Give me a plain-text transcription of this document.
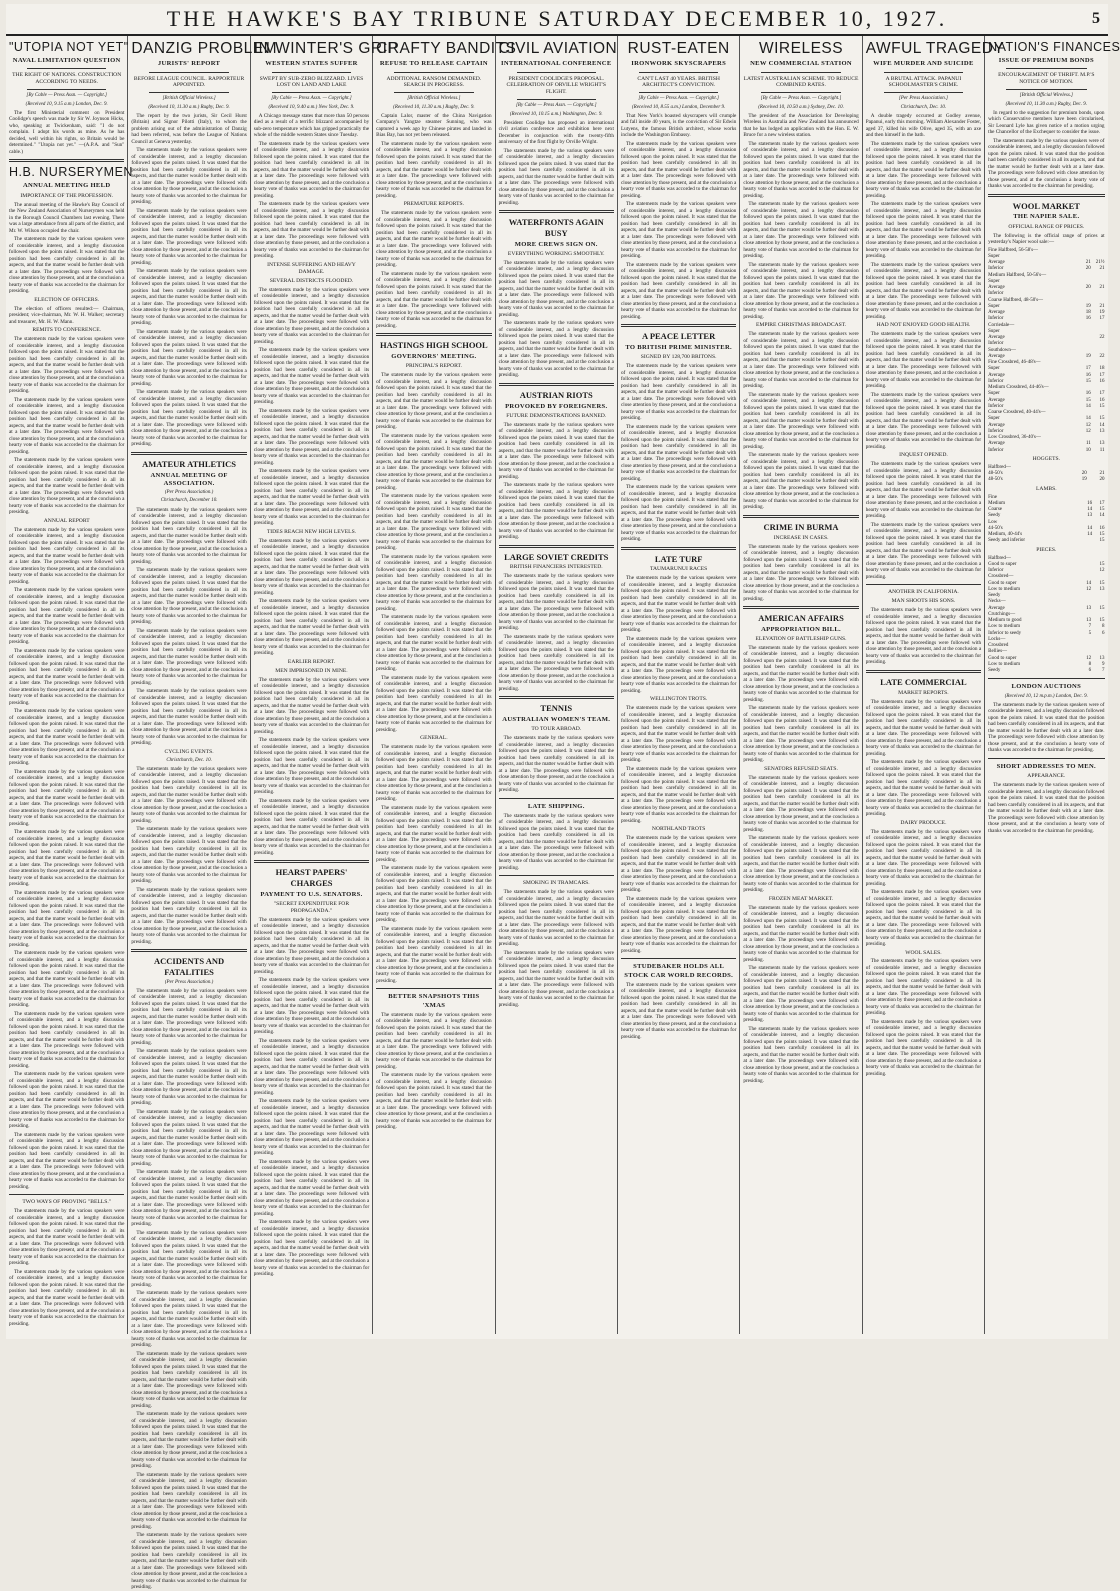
THE HAWKE'S BAY TRIBUNE SATURDAY DECEMBER 10, 1927.	5
"UTOPIA NOT YET"
NAVAL LIMITATION QUESTION
THE RIGHT OF NATIONS. CONSTRUCTION ACCORDING TO NEEDS.
[By Cable — Press Assn. — Copyright.]
(Received 10, 9.15 a.m.) London, Dec. 9.

The first Ministerial comment on President Coolidge's speech was made by Sir W. Joynson Hicks, who, speaking at Twickenham, said: "I do not complain. I adopt his words as mine. As he has decided, well within his rights, so Britain would be determined." "Utopia not yet." —(A.P.A. and "Sun" cable.)

H.B. NURSERYMEN
ANNUAL MEETING HELD
IMPORTANCE OF THE PROFESSION.

The annual meeting of the Hawke's Bay Council of the New Zealand Association of Nurserymen was held in the Borough Council Chambers last evening. There was a large attendance from all parts of the district, and Mr. W. Wilson occupied the chair.

The statements made by the various speakers were of considerable interest, and a lengthy discussion followed upon the points raised. It was stated that the position had been carefully considered in all its aspects, and that the matter would be further dealt with at a later date. The proceedings were followed with close attention by those present, and at the conclusion a hearty vote of thanks was accorded to the chairman for presiding.

ELECTION OF OFFICERS.

The election of officers resulted:— Chairman, president; vice-chairman, Mr. W. H. Walker; secretary and treasurer, Mr. H. W. Mann.

REMITS TO CONFERENCE.

The statements made by the various speakers were of considerable interest, and a lengthy discussion followed upon the points raised. It was stated that the position had been carefully considered in all its aspects, and that the matter would be further dealt with at a later date. The proceedings were followed with close attention by those present, and at the conclusion a hearty vote of thanks was accorded to the chairman for presiding.

The statements made by the various speakers were of considerable interest, and a lengthy discussion followed upon the points raised. It was stated that the position had been carefully considered in all its aspects, and that the matter would be further dealt with at a later date. The proceedings were followed with close attention by those present, and at the conclusion a hearty vote of thanks was accorded to the chairman for presiding.

The statements made by the various speakers were of considerable interest, and a lengthy discussion followed upon the points raised. It was stated that the position had been carefully considered in all its aspects, and that the matter would be further dealt with at a later date. The proceedings were followed with close attention by those present, and at the conclusion a hearty vote of thanks was accorded to the chairman for presiding.

ANNUAL REPORT

The statements made by the various speakers were of considerable interest, and a lengthy discussion followed upon the points raised. It was stated that the position had been carefully considered in all its aspects, and that the matter would be further dealt with at a later date. The proceedings were followed with close attention by those present, and at the conclusion a hearty vote of thanks was accorded to the chairman for presiding.

The statements made by the various speakers were of considerable interest, and a lengthy discussion followed upon the points raised. It was stated that the position had been carefully considered in all its aspects, and that the matter would be further dealt with at a later date. The proceedings were followed with close attention by those present, and at the conclusion a hearty vote of thanks was accorded to the chairman for presiding.

The statements made by the various speakers were of considerable interest, and a lengthy discussion followed upon the points raised. It was stated that the position had been carefully considered in all its aspects, and that the matter would be further dealt with at a later date. The proceedings were followed with close attention by those present, and at the conclusion a hearty vote of thanks was accorded to the chairman for presiding.

The statements made by the various speakers were of considerable interest, and a lengthy discussion followed upon the points raised. It was stated that the position had been carefully considered in all its aspects, and that the matter would be further dealt with at a later date. The proceedings were followed with close attention by those present, and at the conclusion a hearty vote of thanks was accorded to the chairman for presiding.

The statements made by the various speakers were of considerable interest, and a lengthy discussion followed upon the points raised. It was stated that the position had been carefully considered in all its aspects, and that the matter would be further dealt with at a later date. The proceedings were followed with close attention by those present, and at the conclusion a hearty vote of thanks was accorded to the chairman for presiding.

The statements made by the various speakers were of considerable interest, and a lengthy discussion followed upon the points raised. It was stated that the position had been carefully considered in all its aspects, and that the matter would be further dealt with at a later date. The proceedings were followed with close attention by those present, and at the conclusion a hearty vote of thanks was accorded to the chairman for presiding.

The statements made by the various speakers were of considerable interest, and a lengthy discussion followed upon the points raised. It was stated that the position had been carefully considered in all its aspects, and that the matter would be further dealt with at a later date. The proceedings were followed with close attention by those present, and at the conclusion a hearty vote of thanks was accorded to the chairman for presiding.

The statements made by the various speakers were of considerable interest, and a lengthy discussion followed upon the points raised. It was stated that the position had been carefully considered in all its aspects, and that the matter would be further dealt with at a later date. The proceedings were followed with close attention by those present, and at the conclusion a hearty vote of thanks was accorded to the chairman for presiding.

The statements made by the various speakers were of considerable interest, and a lengthy discussion followed upon the points raised. It was stated that the position had been carefully considered in all its aspects, and that the matter would be further dealt with at a later date. The proceedings were followed with close attention by those present, and at the conclusion a hearty vote of thanks was accorded to the chairman for presiding.

The statements made by the various speakers were of considerable interest, and a lengthy discussion followed upon the points raised. It was stated that the position had been carefully considered in all its aspects, and that the matter would be further dealt with at a later date. The proceedings were followed with close attention by those present, and at the conclusion a hearty vote of thanks was accorded to the chairman for presiding.

The statements made by the various speakers were of considerable interest, and a lengthy discussion followed upon the points raised. It was stated that the position had been carefully considered in all its aspects, and that the matter would be further dealt with at a later date. The proceedings were followed with close attention by those present, and at the conclusion a hearty vote of thanks was accorded to the chairman for presiding.

TWO WAYS OF PROVING "BELLS."

The statements made by the various speakers were of considerable interest, and a lengthy discussion followed upon the points raised. It was stated that the position had been carefully considered in all its aspects, and that the matter would be further dealt with at a later date. The proceedings were followed with close attention by those present, and at the conclusion a hearty vote of thanks was accorded to the chairman for presiding.

The statements made by the various speakers were of considerable interest, and a lengthy discussion followed upon the points raised. It was stated that the position had been carefully considered in all its aspects, and that the matter would be further dealt with at a later date. The proceedings were followed with close attention by those present, and at the conclusion a hearty vote of thanks was accorded to the chairman for presiding.

DANZIG PROBLEM
JURISTS' REPORT
BEFORE LEAGUE COUNCIL. RAPPORTEUR APPOINTED.
[British Official Wireless.]
(Received 10, 11.30 a.m.) Rugby, Dec. 9.

The report by the two jurists, Sir Cecil Hurst (Britain) and Signor Pilotti (Italy), to whom the problem arising out of the administration of Danzig had been referred, was before the League of Nations Council at Geneva yesterday.

The statements made by the various speakers were of considerable interest, and a lengthy discussion followed upon the points raised. It was stated that the position had been carefully considered in all its aspects, and that the matter would be further dealt with at a later date. The proceedings were followed with close attention by those present, and at the conclusion a hearty vote of thanks was accorded to the chairman for presiding.

The statements made by the various speakers were of considerable interest, and a lengthy discussion followed upon the points raised. It was stated that the position had been carefully considered in all its aspects, and that the matter would be further dealt with at a later date. The proceedings were followed with close attention by those present, and at the conclusion a hearty vote of thanks was accorded to the chairman for presiding.

The statements made by the various speakers were of considerable interest, and a lengthy discussion followed upon the points raised. It was stated that the position had been carefully considered in all its aspects, and that the matter would be further dealt with at a later date. The proceedings were followed with close attention by those present, and at the conclusion a hearty vote of thanks was accorded to the chairman for presiding.

The statements made by the various speakers were of considerable interest, and a lengthy discussion followed upon the points raised. It was stated that the position had been carefully considered in all its aspects, and that the matter would be further dealt with at a later date. The proceedings were followed with close attention by those present, and at the conclusion a hearty vote of thanks was accorded to the chairman for presiding.

The statements made by the various speakers were of considerable interest, and a lengthy discussion followed upon the points raised. It was stated that the position had been carefully considered in all its aspects, and that the matter would be further dealt with at a later date. The proceedings were followed with close attention by those present, and at the conclusion a hearty vote of thanks was accorded to the chairman for presiding.

AMATEUR ATHLETICS
ANNUAL MEETING OF ASSOCIATION.
(Per Press Association.)
Christchurch, December 10.

The statements made by the various speakers were of considerable interest, and a lengthy discussion followed upon the points raised. It was stated that the position had been carefully considered in all its aspects, and that the matter would be further dealt with at a later date. The proceedings were followed with close attention by those present, and at the conclusion a hearty vote of thanks was accorded to the chairman for presiding.

The statements made by the various speakers were of considerable interest, and a lengthy discussion followed upon the points raised. It was stated that the position had been carefully considered in all its aspects, and that the matter would be further dealt with at a later date. The proceedings were followed with close attention by those present, and at the conclusion a hearty vote of thanks was accorded to the chairman for presiding.

The statements made by the various speakers were of considerable interest, and a lengthy discussion followed upon the points raised. It was stated that the position had been carefully considered in all its aspects, and that the matter would be further dealt with at a later date. The proceedings were followed with close attention by those present, and at the conclusion a hearty vote of thanks was accorded to the chairman for presiding.

The statements made by the various speakers were of considerable interest, and a lengthy discussion followed upon the points raised. It was stated that the position had been carefully considered in all its aspects, and that the matter would be further dealt with at a later date. The proceedings were followed with close attention by those present, and at the conclusion a hearty vote of thanks was accorded to the chairman for presiding.

CYCLING EVENTS.
Christchurch, Dec. 10.

The statements made by the various speakers were of considerable interest, and a lengthy discussion followed upon the points raised. It was stated that the position had been carefully considered in all its aspects, and that the matter would be further dealt with at a later date. The proceedings were followed with close attention by those present, and at the conclusion a hearty vote of thanks was accorded to the chairman for presiding.

The statements made by the various speakers were of considerable interest, and a lengthy discussion followed upon the points raised. It was stated that the position had been carefully considered in all its aspects, and that the matter would be further dealt with at a later date. The proceedings were followed with close attention by those present, and at the conclusion a hearty vote of thanks was accorded to the chairman for presiding.

The statements made by the various speakers were of considerable interest, and a lengthy discussion followed upon the points raised. It was stated that the position had been carefully considered in all its aspects, and that the matter would be further dealt with at a later date. The proceedings were followed with close attention by those present, and at the conclusion a hearty vote of thanks was accorded to the chairman for presiding.

ACCIDENTS AND FATALITIES
(Per Press Association.)

The statements made by the various speakers were of considerable interest, and a lengthy discussion followed upon the points raised. It was stated that the position had been carefully considered in all its aspects, and that the matter would be further dealt with at a later date. The proceedings were followed with close attention by those present, and at the conclusion a hearty vote of thanks was accorded to the chairman for presiding.

The statements made by the various speakers were of considerable interest, and a lengthy discussion followed upon the points raised. It was stated that the position had been carefully considered in all its aspects, and that the matter would be further dealt with at a later date. The proceedings were followed with close attention by those present, and at the conclusion a hearty vote of thanks was accorded to the chairman for presiding.

The statements made by the various speakers were of considerable interest, and a lengthy discussion followed upon the points raised. It was stated that the position had been carefully considered in all its aspects, and that the matter would be further dealt with at a later date. The proceedings were followed with close attention by those present, and at the conclusion a hearty vote of thanks was accorded to the chairman for presiding.

The statements made by the various speakers were of considerable interest, and a lengthy discussion followed upon the points raised. It was stated that the position had been carefully considered in all its aspects, and that the matter would be further dealt with at a later date. The proceedings were followed with close attention by those present, and at the conclusion a hearty vote of thanks was accorded to the chairman for presiding.

The statements made by the various speakers were of considerable interest, and a lengthy discussion followed upon the points raised. It was stated that the position had been carefully considered in all its aspects, and that the matter would be further dealt with at a later date. The proceedings were followed with close attention by those present, and at the conclusion a hearty vote of thanks was accorded to the chairman for presiding.

The statements made by the various speakers were of considerable interest, and a lengthy discussion followed upon the points raised. It was stated that the position had been carefully considered in all its aspects, and that the matter would be further dealt with at a later date. The proceedings were followed with close attention by those present, and at the conclusion a hearty vote of thanks was accorded to the chairman for presiding.

The statements made by the various speakers were of considerable interest, and a lengthy discussion followed upon the points raised. It was stated that the position had been carefully considered in all its aspects, and that the matter would be further dealt with at a later date. The proceedings were followed with close attention by those present, and at the conclusion a hearty vote of thanks was accorded to the chairman for presiding.

The statements made by the various speakers were of considerable interest, and a lengthy discussion followed upon the points raised. It was stated that the position had been carefully considered in all its aspects, and that the matter would be further dealt with at a later date. The proceedings were followed with close attention by those present, and at the conclusion a hearty vote of thanks was accorded to the chairman for presiding.

The statements made by the various speakers were of considerable interest, and a lengthy discussion followed upon the points raised. It was stated that the position had been carefully considered in all its aspects, and that the matter would be further dealt with at a later date. The proceedings were followed with close attention by those present, and at the conclusion a hearty vote of thanks was accorded to the chairman for presiding.

The statements made by the various speakers were of considerable interest, and a lengthy discussion followed upon the points raised. It was stated that the position had been carefully considered in all its aspects, and that the matter would be further dealt with at a later date. The proceedings were followed with close attention by those present, and at the conclusion a hearty vote of thanks was accorded to the chairman for presiding.

IN WINTER'S GRIP
WESTERN STATES SUFFER
SWEPT BY SUB-ZERO BLIZZARD. LIVES LOST ON LAND AND LAKE
[By Cable — Press Assn. — Copyright.]
(Received 10, 9.40 a.m.) New York, Dec. 9.

A Chicago message states that more than 50 persons died as a result of a terrific blizzard accompanied by sub-zero temperature which has gripped practically the whole of the middle western States since Tuesday.

The statements made by the various speakers were of considerable interest, and a lengthy discussion followed upon the points raised. It was stated that the position had been carefully considered in all its aspects, and that the matter would be further dealt with at a later date. The proceedings were followed with close attention by those present, and at the conclusion a hearty vote of thanks was accorded to the chairman for presiding.

The statements made by the various speakers were of considerable interest, and a lengthy discussion followed upon the points raised. It was stated that the position had been carefully considered in all its aspects, and that the matter would be further dealt with at a later date. The proceedings were followed with close attention by those present, and at the conclusion a hearty vote of thanks was accorded to the chairman for presiding.

INTENSE SUFFERING AND HEAVY DAMAGE.
SEVERAL DISTRICTS FLOODED.

The statements made by the various speakers were of considerable interest, and a lengthy discussion followed upon the points raised. It was stated that the position had been carefully considered in all its aspects, and that the matter would be further dealt with at a later date. The proceedings were followed with close attention by those present, and at the conclusion a hearty vote of thanks was accorded to the chairman for presiding.

The statements made by the various speakers were of considerable interest, and a lengthy discussion followed upon the points raised. It was stated that the position had been carefully considered in all its aspects, and that the matter would be further dealt with at a later date. The proceedings were followed with close attention by those present, and at the conclusion a hearty vote of thanks was accorded to the chairman for presiding.

The statements made by the various speakers were of considerable interest, and a lengthy discussion followed upon the points raised. It was stated that the position had been carefully considered in all its aspects, and that the matter would be further dealt with at a later date. The proceedings were followed with close attention by those present, and at the conclusion a hearty vote of thanks was accorded to the chairman for presiding.

The statements made by the various speakers were of considerable interest, and a lengthy discussion followed upon the points raised. It was stated that the position had been carefully considered in all its aspects, and that the matter would be further dealt with at a later date. The proceedings were followed with close attention by those present, and at the conclusion a hearty vote of thanks was accorded to the chairman for presiding.

TIDES REACH NEW HIGH LEVELS.

The statements made by the various speakers were of considerable interest, and a lengthy discussion followed upon the points raised. It was stated that the position had been carefully considered in all its aspects, and that the matter would be further dealt with at a later date. The proceedings were followed with close attention by those present, and at the conclusion a hearty vote of thanks was accorded to the chairman for presiding.

The statements made by the various speakers were of considerable interest, and a lengthy discussion followed upon the points raised. It was stated that the position had been carefully considered in all its aspects, and that the matter would be further dealt with at a later date. The proceedings were followed with close attention by those present, and at the conclusion a hearty vote of thanks was accorded to the chairman for presiding.

EARLIER REPORT.
MEN IMPRISONED IN MINE.

The statements made by the various speakers were of considerable interest, and a lengthy discussion followed upon the points raised. It was stated that the position had been carefully considered in all its aspects, and that the matter would be further dealt with at a later date. The proceedings were followed with close attention by those present, and at the conclusion a hearty vote of thanks was accorded to the chairman for presiding.

The statements made by the various speakers were of considerable interest, and a lengthy discussion followed upon the points raised. It was stated that the position had been carefully considered in all its aspects, and that the matter would be further dealt with at a later date. The proceedings were followed with close attention by those present, and at the conclusion a hearty vote of thanks was accorded to the chairman for presiding.

The statements made by the various speakers were of considerable interest, and a lengthy discussion followed upon the points raised. It was stated that the position had been carefully considered in all its aspects, and that the matter would be further dealt with at a later date. The proceedings were followed with close attention by those present, and at the conclusion a hearty vote of thanks was accorded to the chairman for presiding.

HEARST PAPERS' CHARGES
PAYMENT TO U.S. SENATORS.
"SECRET EXPENDITURE FOR PROPAGANDA."

The statements made by the various speakers were of considerable interest, and a lengthy discussion followed upon the points raised. It was stated that the position had been carefully considered in all its aspects, and that the matter would be further dealt with at a later date. The proceedings were followed with close attention by those present, and at the conclusion a hearty vote of thanks was accorded to the chairman for presiding.

The statements made by the various speakers were of considerable interest, and a lengthy discussion followed upon the points raised. It was stated that the position had been carefully considered in all its aspects, and that the matter would be further dealt with at a later date. The proceedings were followed with close attention by those present, and at the conclusion a hearty vote of thanks was accorded to the chairman for presiding.

The statements made by the various speakers were of considerable interest, and a lengthy discussion followed upon the points raised. It was stated that the position had been carefully considered in all its aspects, and that the matter would be further dealt with at a later date. The proceedings were followed with close attention by those present, and at the conclusion a hearty vote of thanks was accorded to the chairman for presiding.

The statements made by the various speakers were of considerable interest, and a lengthy discussion followed upon the points raised. It was stated that the position had been carefully considered in all its aspects, and that the matter would be further dealt with at a later date. The proceedings were followed with close attention by those present, and at the conclusion a hearty vote of thanks was accorded to the chairman for presiding.

The statements made by the various speakers were of considerable interest, and a lengthy discussion followed upon the points raised. It was stated that the position had been carefully considered in all its aspects, and that the matter would be further dealt with at a later date. The proceedings were followed with close attention by those present, and at the conclusion a hearty vote of thanks was accorded to the chairman for presiding.

The statements made by the various speakers were of considerable interest, and a lengthy discussion followed upon the points raised. It was stated that the position had been carefully considered in all its aspects, and that the matter would be further dealt with at a later date. The proceedings were followed with close attention by those present, and at the conclusion a hearty vote of thanks was accorded to the chairman for presiding.

CRAFTY BANDITS
REFUSE TO RELEASE CAPTAIN
ADDITIONAL RANSOM DEMANDED. SEARCH IN PROGRESS.
[British Official Wireless.]
(Received 10, 11.30 a.m.) Rugby, Dec. 9.

Captain Lalor, master of the China Navigation Company's Yangtze steamer Sunning, who was captured a week ago by Chinese pirates and landed in Bias Bay, has not yet been released.

The statements made by the various speakers were of considerable interest, and a lengthy discussion followed upon the points raised. It was stated that the position had been carefully considered in all its aspects, and that the matter would be further dealt with at a later date. The proceedings were followed with close attention by those present, and at the conclusion a hearty vote of thanks was accorded to the chairman for presiding.

PREMATURE REPORTS.

The statements made by the various speakers were of considerable interest, and a lengthy discussion followed upon the points raised. It was stated that the position had been carefully considered in all its aspects, and that the matter would be further dealt with at a later date. The proceedings were followed with close attention by those present, and at the conclusion a hearty vote of thanks was accorded to the chairman for presiding.

The statements made by the various speakers were of considerable interest, and a lengthy discussion followed upon the points raised. It was stated that the position had been carefully considered in all its aspects, and that the matter would be further dealt with at a later date. The proceedings were followed with close attention by those present, and at the conclusion a hearty vote of thanks was accorded to the chairman for presiding.

HASTINGS HIGH SCHOOL
GOVERNORS' MEETING.
PRINCIPAL'S REPORT.

The statements made by the various speakers were of considerable interest, and a lengthy discussion followed upon the points raised. It was stated that the position had been carefully considered in all its aspects, and that the matter would be further dealt with at a later date. The proceedings were followed with close attention by those present, and at the conclusion a hearty vote of thanks was accorded to the chairman for presiding.

The statements made by the various speakers were of considerable interest, and a lengthy discussion followed upon the points raised. It was stated that the position had been carefully considered in all its aspects, and that the matter would be further dealt with at a later date. The proceedings were followed with close attention by those present, and at the conclusion a hearty vote of thanks was accorded to the chairman for presiding.

The statements made by the various speakers were of considerable interest, and a lengthy discussion followed upon the points raised. It was stated that the position had been carefully considered in all its aspects, and that the matter would be further dealt with at a later date. The proceedings were followed with close attention by those present, and at the conclusion a hearty vote of thanks was accorded to the chairman for presiding.

The statements made by the various speakers were of considerable interest, and a lengthy discussion followed upon the points raised. It was stated that the position had been carefully considered in all its aspects, and that the matter would be further dealt with at a later date. The proceedings were followed with close attention by those present, and at the conclusion a hearty vote of thanks was accorded to the chairman for presiding.

The statements made by the various speakers were of considerable interest, and a lengthy discussion followed upon the points raised. It was stated that the position had been carefully considered in all its aspects, and that the matter would be further dealt with at a later date. The proceedings were followed with close attention by those present, and at the conclusion a hearty vote of thanks was accorded to the chairman for presiding.

The statements made by the various speakers were of considerable interest, and a lengthy discussion followed upon the points raised. It was stated that the position had been carefully considered in all its aspects, and that the matter would be further dealt with at a later date. The proceedings were followed with close attention by those present, and at the conclusion a hearty vote of thanks was accorded to the chairman for presiding.

GENERAL.

The statements made by the various speakers were of considerable interest, and a lengthy discussion followed upon the points raised. It was stated that the position had been carefully considered in all its aspects, and that the matter would be further dealt with at a later date. The proceedings were followed with close attention by those present, and at the conclusion a hearty vote of thanks was accorded to the chairman for presiding.

The statements made by the various speakers were of considerable interest, and a lengthy discussion followed upon the points raised. It was stated that the position had been carefully considered in all its aspects, and that the matter would be further dealt with at a later date. The proceedings were followed with close attention by those present, and at the conclusion a hearty vote of thanks was accorded to the chairman for presiding.

The statements made by the various speakers were of considerable interest, and a lengthy discussion followed upon the points raised. It was stated that the position had been carefully considered in all its aspects, and that the matter would be further dealt with at a later date. The proceedings were followed with close attention by those present, and at the conclusion a hearty vote of thanks was accorded to the chairman for presiding.

The statements made by the various speakers were of considerable interest, and a lengthy discussion followed upon the points raised. It was stated that the position had been carefully considered in all its aspects, and that the matter would be further dealt with at a later date. The proceedings were followed with close attention by those present, and at the conclusion a hearty vote of thanks was accorded to the chairman for presiding.

BETTER SNAPSHOTS THIS 'XMAS

The statements made by the various speakers were of considerable interest, and a lengthy discussion followed upon the points raised. It was stated that the position had been carefully considered in all its aspects, and that the matter would be further dealt with at a later date. The proceedings were followed with close attention by those present, and at the conclusion a hearty vote of thanks was accorded to the chairman for presiding.

The statements made by the various speakers were of considerable interest, and a lengthy discussion followed upon the points raised. It was stated that the position had been carefully considered in all its aspects, and that the matter would be further dealt with at a later date. The proceedings were followed with close attention by those present, and at the conclusion a hearty vote of thanks was accorded to the chairman for presiding.

CIVIL AVIATION
INTERNATIONAL CONFERENCE
PRESIDENT COOLIDGE'S PROPOSAL. CELEBRATION OF ORVILLE WRIGHT'S FLIGHT.
[By Cable — Press Assn. — Copyright.]
(Received 10, 10.15 a.m.) Washington, Dec. 9.

President Coolidge has proposed an international civil aviation conference and exhibition here next December in conjunction with the twenty-fifth anniversary of the first flight by Orville Wright.

The statements made by the various speakers were of considerable interest, and a lengthy discussion followed upon the points raised. It was stated that the position had been carefully considered in all its aspects, and that the matter would be further dealt with at a later date. The proceedings were followed with close attention by those present, and at the conclusion a hearty vote of thanks was accorded to the chairman for presiding.

WATERFRONTS AGAIN BUSY
MORE CREWS SIGN ON.
EVERYTHING WORKING SMOOTHLY.

The statements made by the various speakers were of considerable interest, and a lengthy discussion followed upon the points raised. It was stated that the position had been carefully considered in all its aspects, and that the matter would be further dealt with at a later date. The proceedings were followed with close attention by those present, and at the conclusion a hearty vote of thanks was accorded to the chairman for presiding.

The statements made by the various speakers were of considerable interest, and a lengthy discussion followed upon the points raised. It was stated that the position had been carefully considered in all its aspects, and that the matter would be further dealt with at a later date. The proceedings were followed with close attention by those present, and at the conclusion a hearty vote of thanks was accorded to the chairman for presiding.

AUSTRIAN RIOTS
PROVOKED BY FOREIGNERS.
FUTURE DEMONSTRATIONS BANNED.

The statements made by the various speakers were of considerable interest, and a lengthy discussion followed upon the points raised. It was stated that the position had been carefully considered in all its aspects, and that the matter would be further dealt with at a later date. The proceedings were followed with close attention by those present, and at the conclusion a hearty vote of thanks was accorded to the chairman for presiding.

The statements made by the various speakers were of considerable interest, and a lengthy discussion followed upon the points raised. It was stated that the position had been carefully considered in all its aspects, and that the matter would be further dealt with at a later date. The proceedings were followed with close attention by those present, and at the conclusion a hearty vote of thanks was accorded to the chairman for presiding.

LARGE SOVIET CREDITS
BRITISH FINANCIERS INTERESTED.

The statements made by the various speakers were of considerable interest, and a lengthy discussion followed upon the points raised. It was stated that the position had been carefully considered in all its aspects, and that the matter would be further dealt with at a later date. The proceedings were followed with close attention by those present, and at the conclusion a hearty vote of thanks was accorded to the chairman for presiding.

The statements made by the various speakers were of considerable interest, and a lengthy discussion followed upon the points raised. It was stated that the position had been carefully considered in all its aspects, and that the matter would be further dealt with at a later date. The proceedings were followed with close attention by those present, and at the conclusion a hearty vote of thanks was accorded to the chairman for presiding.

TENNIS
AUSTRALIAN WOMEN'S TEAM.
TO TOUR ABROAD.

The statements made by the various speakers were of considerable interest, and a lengthy discussion followed upon the points raised. It was stated that the position had been carefully considered in all its aspects, and that the matter would be further dealt with at a later date. The proceedings were followed with close attention by those present, and at the conclusion a hearty vote of thanks was accorded to the chairman for presiding.

LATE SHIPPING.

The statements made by the various speakers were of considerable interest, and a lengthy discussion followed upon the points raised. It was stated that the position had been carefully considered in all its aspects, and that the matter would be further dealt with at a later date. The proceedings were followed with close attention by those present, and at the conclusion a hearty vote of thanks was accorded to the chairman for presiding.

SMOKING IN TRAMCARS.

The statements made by the various speakers were of considerable interest, and a lengthy discussion followed upon the points raised. It was stated that the position had been carefully considered in all its aspects, and that the matter would be further dealt with at a later date. The proceedings were followed with close attention by those present, and at the conclusion a hearty vote of thanks was accorded to the chairman for presiding.

The statements made by the various speakers were of considerable interest, and a lengthy discussion followed upon the points raised. It was stated that the position had been carefully considered in all its aspects, and that the matter would be further dealt with at a later date. The proceedings were followed with close attention by those present, and at the conclusion a hearty vote of thanks was accorded to the chairman for presiding.

RUST-EATEN
IRONWORK SKYSCRAPERS
CAN'T LAST 40 YEARS. BRITISH ARCHITECT'S CONVICTION.
[By Cable — Press Assn. — Copyright.]
(Received 10, 8.55 a.m.) London, December 9.

That New York's boasted skyscrapers will crumple and fall inside 40 years, is the conviction of Sir Edwin Lutyens, the famous British architect, whose works include the Washington Embassy.

The statements made by the various speakers were of considerable interest, and a lengthy discussion followed upon the points raised. It was stated that the position had been carefully considered in all its aspects, and that the matter would be further dealt with at a later date. The proceedings were followed with close attention by those present, and at the conclusion a hearty vote of thanks was accorded to the chairman for presiding.

The statements made by the various speakers were of considerable interest, and a lengthy discussion followed upon the points raised. It was stated that the position had been carefully considered in all its aspects, and that the matter would be further dealt with at a later date. The proceedings were followed with close attention by those present, and at the conclusion a hearty vote of thanks was accorded to the chairman for presiding.

The statements made by the various speakers were of considerable interest, and a lengthy discussion followed upon the points raised. It was stated that the position had been carefully considered in all its aspects, and that the matter would be further dealt with at a later date. The proceedings were followed with close attention by those present, and at the conclusion a hearty vote of thanks was accorded to the chairman for presiding.

A PEACE LETTER
TO BRITISH PRIME MINISTER.
SIGNED BY 128,700 BRITONS.

The statements made by the various speakers were of considerable interest, and a lengthy discussion followed upon the points raised. It was stated that the position had been carefully considered in all its aspects, and that the matter would be further dealt with at a later date. The proceedings were followed with close attention by those present, and at the conclusion a hearty vote of thanks was accorded to the chairman for presiding.

The statements made by the various speakers were of considerable interest, and a lengthy discussion followed upon the points raised. It was stated that the position had been carefully considered in all its aspects, and that the matter would be further dealt with at a later date. The proceedings were followed with close attention by those present, and at the conclusion a hearty vote of thanks was accorded to the chairman for presiding.

The statements made by the various speakers were of considerable interest, and a lengthy discussion followed upon the points raised. It was stated that the position had been carefully considered in all its aspects, and that the matter would be further dealt with at a later date. The proceedings were followed with close attention by those present, and at the conclusion a hearty vote of thanks was accorded to the chairman for presiding.

LATE TURF
TAUMARUNUI RACES

The statements made by the various speakers were of considerable interest, and a lengthy discussion followed upon the points raised. It was stated that the position had been carefully considered in all its aspects, and that the matter would be further dealt with at a later date. The proceedings were followed with close attention by those present, and at the conclusion a hearty vote of thanks was accorded to the chairman for presiding.

The statements made by the various speakers were of considerable interest, and a lengthy discussion followed upon the points raised. It was stated that the position had been carefully considered in all its aspects, and that the matter would be further dealt with at a later date. The proceedings were followed with close attention by those present, and at the conclusion a hearty vote of thanks was accorded to the chairman for presiding.

WELLINGTON TROTS.

The statements made by the various speakers were of considerable interest, and a lengthy discussion followed upon the points raised. It was stated that the position had been carefully considered in all its aspects, and that the matter would be further dealt with at a later date. The proceedings were followed with close attention by those present, and at the conclusion a hearty vote of thanks was accorded to the chairman for presiding.

The statements made by the various speakers were of considerable interest, and a lengthy discussion followed upon the points raised. It was stated that the position had been carefully considered in all its aspects, and that the matter would be further dealt with at a later date. The proceedings were followed with close attention by those present, and at the conclusion a hearty vote of thanks was accorded to the chairman for presiding.

NORTHLAND TROTS

The statements made by the various speakers were of considerable interest, and a lengthy discussion followed upon the points raised. It was stated that the position had been carefully considered in all its aspects, and that the matter would be further dealt with at a later date. The proceedings were followed with close attention by those present, and at the conclusion a hearty vote of thanks was accorded to the chairman for presiding.

The statements made by the various speakers were of considerable interest, and a lengthy discussion followed upon the points raised. It was stated that the position had been carefully considered in all its aspects, and that the matter would be further dealt with at a later date. The proceedings were followed with close attention by those present, and at the conclusion a hearty vote of thanks was accorded to the chairman for presiding.

STUDEBAKER HOLDS ALL STOCK CAR WORLD RECORDS.

The statements made by the various speakers were of considerable interest, and a lengthy discussion followed upon the points raised. It was stated that the position had been carefully considered in all its aspects, and that the matter would be further dealt with at a later date. The proceedings were followed with close attention by those present, and at the conclusion a hearty vote of thanks was accorded to the chairman for presiding.

WIRELESS
NEW COMMERCIAL STATION
LATEST AUSTRALIAN SCHEME. TO REDUCE COMBINED RATES.
[By Cable — Press Assn. — Copyright.]
(Received 10, 10.50 a.m.) Sydney, Dec. 10.

The president of the Association for Developing Wireless in Australia and New Zealand has announced that he has lodged an application with the Hon. E. W. Bruce for a new wireless station.

The statements made by the various speakers were of considerable interest, and a lengthy discussion followed upon the points raised. It was stated that the position had been carefully considered in all its aspects, and that the matter would be further dealt with at a later date. The proceedings were followed with close attention by those present, and at the conclusion a hearty vote of thanks was accorded to the chairman for presiding.

The statements made by the various speakers were of considerable interest, and a lengthy discussion followed upon the points raised. It was stated that the position had been carefully considered in all its aspects, and that the matter would be further dealt with at a later date. The proceedings were followed with close attention by those present, and at the conclusion a hearty vote of thanks was accorded to the chairman for presiding.

The statements made by the various speakers were of considerable interest, and a lengthy discussion followed upon the points raised. It was stated that the position had been carefully considered in all its aspects, and that the matter would be further dealt with at a later date. The proceedings were followed with close attention by those present, and at the conclusion a hearty vote of thanks was accorded to the chairman for presiding.

EMPIRE CHRISTMAS BROADCAST.

The statements made by the various speakers were of considerable interest, and a lengthy discussion followed upon the points raised. It was stated that the position had been carefully considered in all its aspects, and that the matter would be further dealt with at a later date. The proceedings were followed with close attention by those present, and at the conclusion a hearty vote of thanks was accorded to the chairman for presiding.

The statements made by the various speakers were of considerable interest, and a lengthy discussion followed upon the points raised. It was stated that the position had been carefully considered in all its aspects, and that the matter would be further dealt with at a later date. The proceedings were followed with close attention by those present, and at the conclusion a hearty vote of thanks was accorded to the chairman for presiding.

The statements made by the various speakers were of considerable interest, and a lengthy discussion followed upon the points raised. It was stated that the position had been carefully considered in all its aspects, and that the matter would be further dealt with at a later date. The proceedings were followed with close attention by those present, and at the conclusion a hearty vote of thanks was accorded to the chairman for presiding.

CRIME IN BURMA
INCREASE IN CASES.

The statements made by the various speakers were of considerable interest, and a lengthy discussion followed upon the points raised. It was stated that the position had been carefully considered in all its aspects, and that the matter would be further dealt with at a later date. The proceedings were followed with close attention by those present, and at the conclusion a hearty vote of thanks was accorded to the chairman for presiding.

AMERICAN AFFAIRS
APPROPRIATION BILL.
ELEVATION OF BATTLESHIP GUNS.

The statements made by the various speakers were of considerable interest, and a lengthy discussion followed upon the points raised. It was stated that the position had been carefully considered in all its aspects, and that the matter would be further dealt with at a later date. The proceedings were followed with close attention by those present, and at the conclusion a hearty vote of thanks was accorded to the chairman for presiding.

The statements made by the various speakers were of considerable interest, and a lengthy discussion followed upon the points raised. It was stated that the position had been carefully considered in all its aspects, and that the matter would be further dealt with at a later date. The proceedings were followed with close attention by those present, and at the conclusion a hearty vote of thanks was accorded to the chairman for presiding.

SENATORS REFUSED SEATS.

The statements made by the various speakers were of considerable interest, and a lengthy discussion followed upon the points raised. It was stated that the position had been carefully considered in all its aspects, and that the matter would be further dealt with at a later date. The proceedings were followed with close attention by those present, and at the conclusion a hearty vote of thanks was accorded to the chairman for presiding.

The statements made by the various speakers were of considerable interest, and a lengthy discussion followed upon the points raised. It was stated that the position had been carefully considered in all its aspects, and that the matter would be further dealt with at a later date. The proceedings were followed with close attention by those present, and at the conclusion a hearty vote of thanks was accorded to the chairman for presiding.

FROZEN MEAT MARKET.

The statements made by the various speakers were of considerable interest, and a lengthy discussion followed upon the points raised. It was stated that the position had been carefully considered in all its aspects, and that the matter would be further dealt with at a later date. The proceedings were followed with close attention by those present, and at the conclusion a hearty vote of thanks was accorded to the chairman for presiding.

The statements made by the various speakers were of considerable interest, and a lengthy discussion followed upon the points raised. It was stated that the position had been carefully considered in all its aspects, and that the matter would be further dealt with at a later date. The proceedings were followed with close attention by those present, and at the conclusion a hearty vote of thanks was accorded to the chairman for presiding.

The statements made by the various speakers were of considerable interest, and a lengthy discussion followed upon the points raised. It was stated that the position had been carefully considered in all its aspects, and that the matter would be further dealt with at a later date. The proceedings were followed with close attention by those present, and at the conclusion a hearty vote of thanks was accorded to the chairman for presiding.

AWFUL TRAGEDY
WIFE MURDER AND SUICIDE
A BRUTAL ATTACK. PAPANUI SCHOOLMASTER'S CRIME.
[Per Press Association.]
Christchurch, Dec. 10.

A double tragedy occurred at Godley avenue, Papanui, early this morning. William Alexander Foster, aged 37, killed his wife Olive, aged 35, with an axe and then himself in the bath.

The statements made by the various speakers were of considerable interest, and a lengthy discussion followed upon the points raised. It was stated that the position had been carefully considered in all its aspects, and that the matter would be further dealt with at a later date. The proceedings were followed with close attention by those present, and at the conclusion a hearty vote of thanks was accorded to the chairman for presiding.

The statements made by the various speakers were of considerable interest, and a lengthy discussion followed upon the points raised. It was stated that the position had been carefully considered in all its aspects, and that the matter would be further dealt with at a later date. The proceedings were followed with close attention by those present, and at the conclusion a hearty vote of thanks was accorded to the chairman for presiding.

The statements made by the various speakers were of considerable interest, and a lengthy discussion followed upon the points raised. It was stated that the position had been carefully considered in all its aspects, and that the matter would be further dealt with at a later date. The proceedings were followed with close attention by those present, and at the conclusion a hearty vote of thanks was accorded to the chairman for presiding.

HAD NOT ENJOYED GOOD HEALTH.

The statements made by the various speakers were of considerable interest, and a lengthy discussion followed upon the points raised. It was stated that the position had been carefully considered in all its aspects, and that the matter would be further dealt with at a later date. The proceedings were followed with close attention by those present, and at the conclusion a hearty vote of thanks was accorded to the chairman for presiding.

The statements made by the various speakers were of considerable interest, and a lengthy discussion followed upon the points raised. It was stated that the position had been carefully considered in all its aspects, and that the matter would be further dealt with at a later date. The proceedings were followed with close attention by those present, and at the conclusion a hearty vote of thanks was accorded to the chairman for presiding.

INQUEST OPENED.

The statements made by the various speakers were of considerable interest, and a lengthy discussion followed upon the points raised. It was stated that the position had been carefully considered in all its aspects, and that the matter would be further dealt with at a later date. The proceedings were followed with close attention by those present, and at the conclusion a hearty vote of thanks was accorded to the chairman for presiding.

The statements made by the various speakers were of considerable interest, and a lengthy discussion followed upon the points raised. It was stated that the position had been carefully considered in all its aspects, and that the matter would be further dealt with at a later date. The proceedings were followed with close attention by those present, and at the conclusion a hearty vote of thanks was accorded to the chairman for presiding.

ANOTHER IN CALIFORNIA.
MAN SHOOTS HIS SONS.

The statements made by the various speakers were of considerable interest, and a lengthy discussion followed upon the points raised. It was stated that the position had been carefully considered in all its aspects, and that the matter would be further dealt with at a later date. The proceedings were followed with close attention by those present, and at the conclusion a hearty vote of thanks was accorded to the chairman for presiding.

LATE COMMERCIAL
MARKET REPORTS.

The statements made by the various speakers were of considerable interest, and a lengthy discussion followed upon the points raised. It was stated that the position had been carefully considered in all its aspects, and that the matter would be further dealt with at a later date. The proceedings were followed with close attention by those present, and at the conclusion a hearty vote of thanks was accorded to the chairman for presiding.

The statements made by the various speakers were of considerable interest, and a lengthy discussion followed upon the points raised. It was stated that the position had been carefully considered in all its aspects, and that the matter would be further dealt with at a later date. The proceedings were followed with close attention by those present, and at the conclusion a hearty vote of thanks was accorded to the chairman for presiding.

DAIRY PRODUCE.

The statements made by the various speakers were of considerable interest, and a lengthy discussion followed upon the points raised. It was stated that the position had been carefully considered in all its aspects, and that the matter would be further dealt with at a later date. The proceedings were followed with close attention by those present, and at the conclusion a hearty vote of thanks was accorded to the chairman for presiding.

The statements made by the various speakers were of considerable interest, and a lengthy discussion followed upon the points raised. It was stated that the position had been carefully considered in all its aspects, and that the matter would be further dealt with at a later date. The proceedings were followed with close attention by those present, and at the conclusion a hearty vote of thanks was accorded to the chairman for presiding.

WOOL SALES.

The statements made by the various speakers were of considerable interest, and a lengthy discussion followed upon the points raised. It was stated that the position had been carefully considered in all its aspects, and that the matter would be further dealt with at a later date. The proceedings were followed with close attention by those present, and at the conclusion a hearty vote of thanks was accorded to the chairman for presiding.

The statements made by the various speakers were of considerable interest, and a lengthy discussion followed upon the points raised. It was stated that the position had been carefully considered in all its aspects, and that the matter would be further dealt with at a later date. The proceedings were followed with close attention by those present, and at the conclusion a hearty vote of thanks was accorded to the chairman for presiding.

NATION'S FINANCES
ISSUE OF PREMIUM BONDS
ENCOURAGEMENT OF THRIFT. M.P.'S NOTICE OF MOTION.
[British Official Wireless.]
(Received 10, 11.30 a.m.) Rugby, Dec. 9.

In regard to the suggestion for premium bonds, upon which Conservative members have been circularised, Sir Leonard Lyle has given notice of a motion urging the Chancellor of the Exchequer to consider the issue.

The statements made by the various speakers were of considerable interest, and a lengthy discussion followed upon the points raised. It was stated that the position had been carefully considered in all its aspects, and that the matter would be further dealt with at a later date. The proceedings were followed with close attention by those present, and at the conclusion a hearty vote of thanks was accorded to the chairman for presiding.

WOOL MARKET
THE NAPIER SALE.
OFFICIAL RANGE OF PRICES.

The following is the official range of prices at yesterday's Napier wool sale:—

Fine Halfbred, 56-58's—		
Super		
Average	21	21½
Inferior	20	21
Medium Halfbred, 50-56's—		
Super		
Average	20	21
Inferior		
Coarse Halfbred, 48-50's—		
Super	19	21
Average	18	19
Inferior	16	17
Corriedale—		
Super		
Average		22
Inferior		
Southdown—		
Average	19	22
Fine Crossbred, 46-48's—		
Super	17	18
Average	16	17
Inferior	15	16
Medium Crossbred, 44-46's—		
Super	16	17
Average	15	16
Inferior	14	15
Coarse Crossbred, 40-44's—		
Super	14	15
Average	12	14
Inferior	12	13
Low Crossbred, 36-40's—		
Average	11	13
Inferior	10	11
HOGGETS.
Halfbred—		
48-50's	20	21
48-50's	19	20
LAMBS.
Fine		
Medium	16	17
Coarse	14	15
Seedy	13	14
Low		
44-50's	14	16
Medium, 40-44's	14	15
Seedy and inferior		15
PIECES.
Halfbred—		
Good to super		15
Inferior		12
Crossbred—		
Good to super	14	15
Low to medium	12	13
Seedy		
Necks—		
Average	13	15
Crutchings—		
Medium to good	13	15
Low to medium	7	8
Inferior to seedy	5	6
Locks—		
Crossbred		
Bellies—		
Good to super	12	13
Low to medium	8	9
Seedy	6	7
LONDON AUCTIONS
(Received 10, 12 m.p.m.) London, Dec. 9.

The statements made by the various speakers were of considerable interest, and a lengthy discussion followed upon the points raised. It was stated that the position had been carefully considered in all its aspects, and that the matter would be further dealt with at a later date. The proceedings were followed with close attention by those present, and at the conclusion a hearty vote of thanks was accorded to the chairman for presiding.

SHORT ADDRESSES TO MEN.
APPEARANCE.

The statements made by the various speakers were of considerable interest, and a lengthy discussion followed upon the points raised. It was stated that the position had been carefully considered in all its aspects, and that the matter would be further dealt with at a later date. The proceedings were followed with close attention by those present, and at the conclusion a hearty vote of thanks was accorded to the chairman for presiding.
